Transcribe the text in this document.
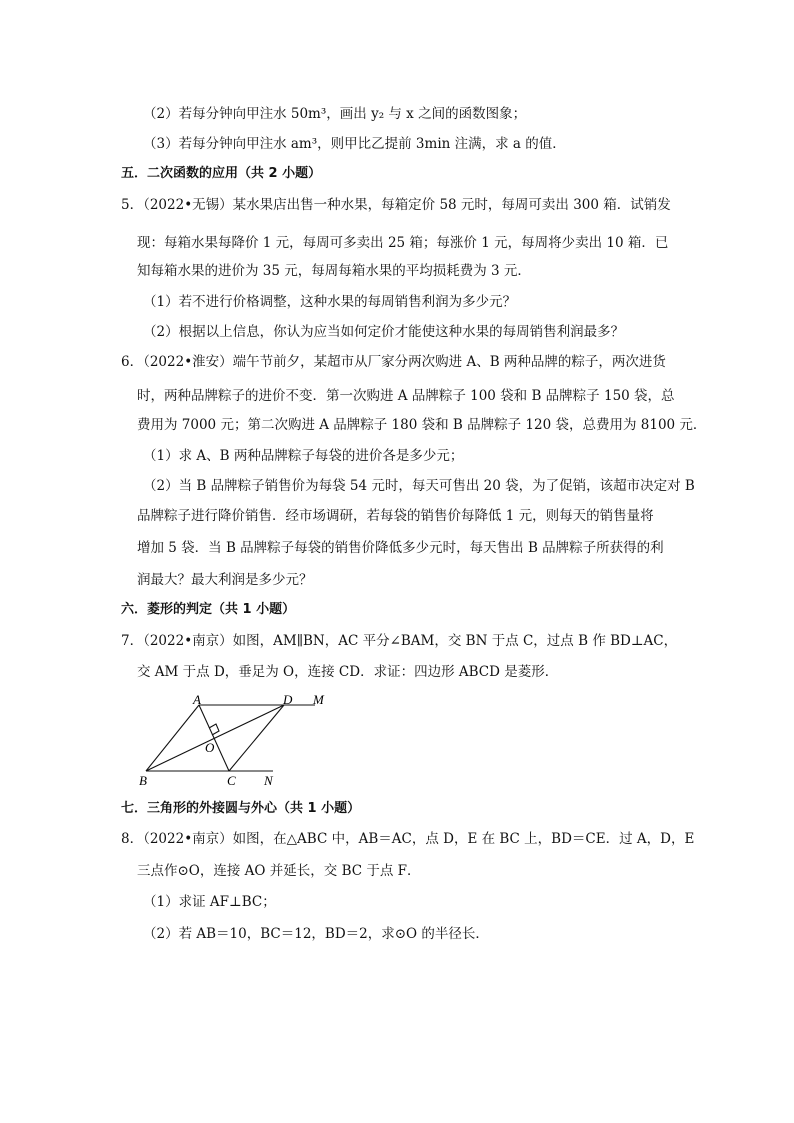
（2）若每分钟向甲注水 50m³，画出 y₂ 与 x 之间的函数图象；
（3）若每分钟向甲注水 am³，则甲比乙提前 3min 注满，求 a 的值．
五．二次函数的应用（共 2 小题）
5．（2022•无锡）某水果店出售一种水果，每箱定价 58 元时，每周可卖出 300 箱．试销发
现：每箱水果每降价 1 元，每周可多卖出 25 箱；每涨价 1 元，每周将少卖出 10 箱．已
知每箱水果的进价为 35 元，每周每箱水果的平均损耗费为 3 元．
（1）若不进行价格调整，这种水果的每周销售利润为多少元？
（2）根据以上信息，你认为应当如何定价才能使这种水果的每周销售利润最多？
6．（2022•淮安）端午节前夕，某超市从厂家分两次购进 A、B 两种品牌的粽子，两次进货
时，两种品牌粽子的进价不变．第一次购进 A 品牌粽子 100 袋和 B 品牌粽子 150 袋，总
费用为 7000 元；第二次购进 A 品牌粽子 180 袋和 B 品牌粽子 120 袋，总费用为 8100 元．
（1）求 A、B 两种品牌粽子每袋的进价各是多少元；
（2）当 B 品牌粽子销售价为每袋 54 元时，每天可售出 20 袋，为了促销，该超市决定对 B
品牌粽子进行降价销售．经市场调研，若每袋的销售价每降低 1 元，则每天的销售量将
增加 5 袋．当 B 品牌粽子每袋的销售价降低多少元时，每天售出 B 品牌粽子所获得的利
润最大？最大利润是多少元？
六．菱形的判定（共 1 小题）
7．（2022•南京）如图，AM∥BN，AC 平分∠BAM，交 BN 于点 C，过点 B 作 BD⊥AC，
交 AM 于点 D，垂足为 O，连接 CD．求证：四边形 ABCD 是菱形．
A	D M
O
B	C N
七．三角形的外接圆与外心（共 1 小题）
8．（2022•南京）如图，在△ABC 中，AB＝AC，点 D，E 在 BC 上，BD＝CE．过 A，D，E
三点作⊙O，连接 AO 并延长，交 BC 于点 F．
（1）求证 AF⊥BC；
（2）若 AB＝10，BC＝12，BD＝2，求⊙O 的半径长．
